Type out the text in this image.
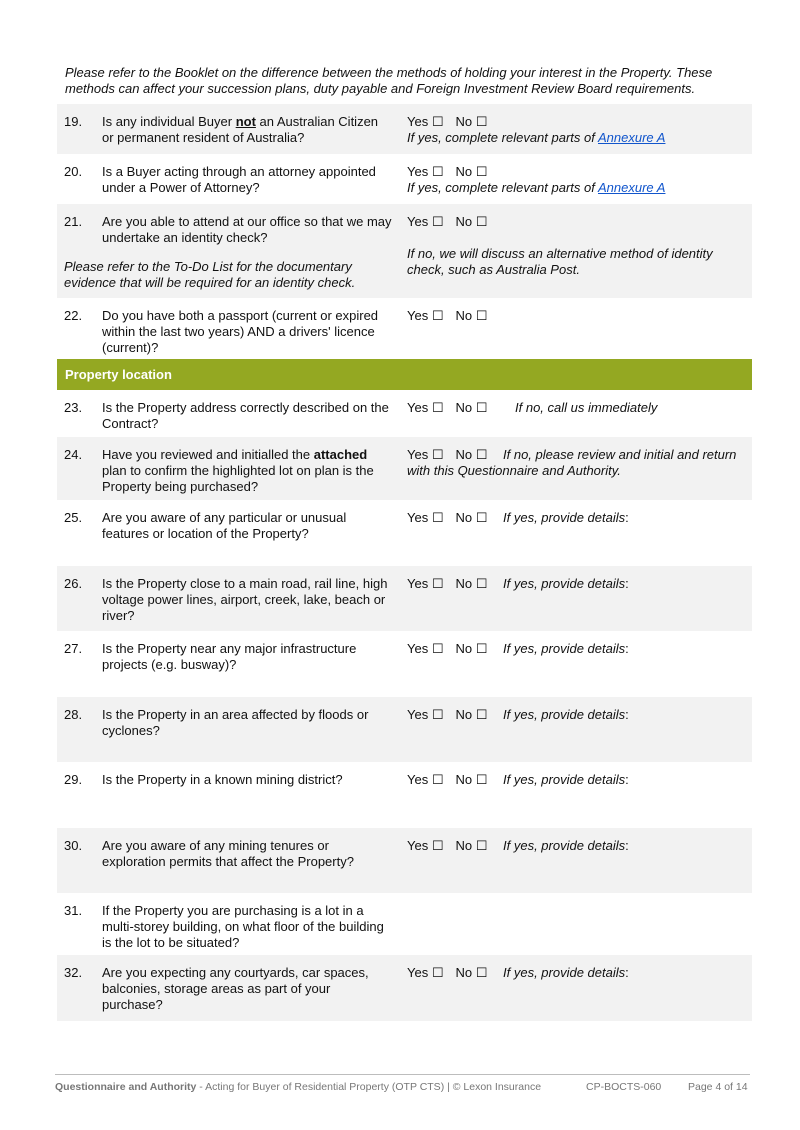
Please refer to the Booklet on the difference between the methods of holding your interest in the Property. These methods can affect your succession plans, duty payable and Foreign Investment Review Board requirements.
19. Is any individual Buyer not an Australian Citizen or permanent resident of Australia?
Yes ☐ No ☐
If yes, complete relevant parts of Annexure A
20. Is a Buyer acting through an attorney appointed under a Power of Attorney?
Yes ☐ No ☐
If yes, complete relevant parts of Annexure A
21. Are you able to attend at our office so that we may undertake an identity check?
Please refer to the To-Do List for the documentary evidence that will be required for an identity check.
Yes ☐ No ☐
If no, we will discuss an alternative method of identity check, such as Australia Post.
22. Do you have both a passport (current or expired within the last two years) AND a drivers' licence (current)?
Yes ☐ No ☐
Property location
23. Is the Property address correctly described on the Contract?
Yes ☐ No ☐ If no, call us immediately
24. Have you reviewed and initialled the attached plan to confirm the highlighted lot on plan is the Property being purchased?
Yes ☐ No ☐ If no, please review and initial and return with this Questionnaire and Authority.
25. Are you aware of any particular or unusual features or location of the Property?
Yes ☐ No ☐ If yes, provide details:
26. Is the Property close to a main road, rail line, high voltage power lines, airport, creek, lake, beach or river?
Yes ☐ No ☐ If yes, provide details:
27. Is the Property near any major infrastructure projects (e.g. busway)?
Yes ☐ No ☐ If yes, provide details:
28. Is the Property in an area affected by floods or cyclones?
Yes ☐ No ☐ If yes, provide details:
29. Is the Property in a known mining district?	Yes ☐ No ☐ If yes, provide details:
30. Are you aware of any mining tenures or exploration permits that affect the Property?
Yes ☐ No ☐ If yes, provide details:
31. If the Property you are purchasing is a lot in a multi-storey building, on what floor of the building is the lot to be situated?
32. Are you expecting any courtyards, car spaces, balconies, storage areas as part of your purchase?
Yes ☐ No ☐ If yes, provide details:
Questionnaire and Authority - Acting for Buyer of Residential Property (OTP CTS) | © Lexon Insurance	CP-BOCTS-060	Page 4 of 14
